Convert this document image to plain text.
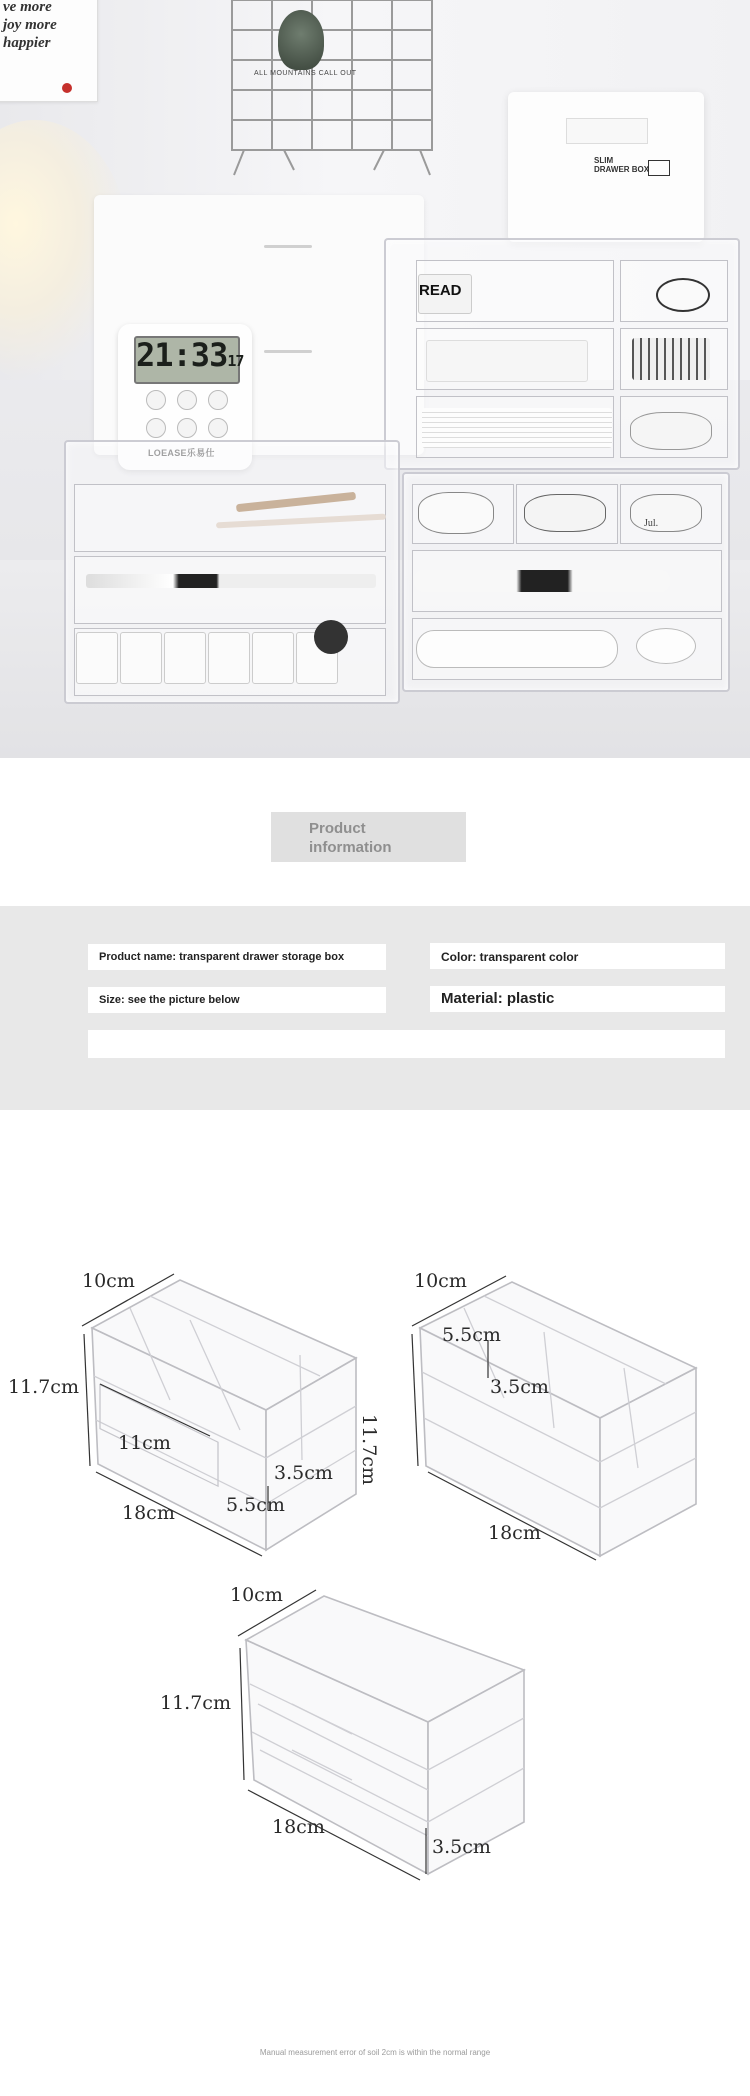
ve more
joy more
happier
ALL MOUNTAINS CALL OUT
SLIM
DRAWER BOX
21:3317
READ
Jul.
Product information
Product name: transparent drawer storage box	Color: transparent color
Size: see the picture below	Material: plastic
10cm
11.7cm
11cm
3.5cm
18cm	5.5cm
10cm
5.5cm
11.7cm
3.5cm
18cm
10cm
11.7cm
18cm
3.5cm
Manual measurement error of soil 2cm is within the normal range
